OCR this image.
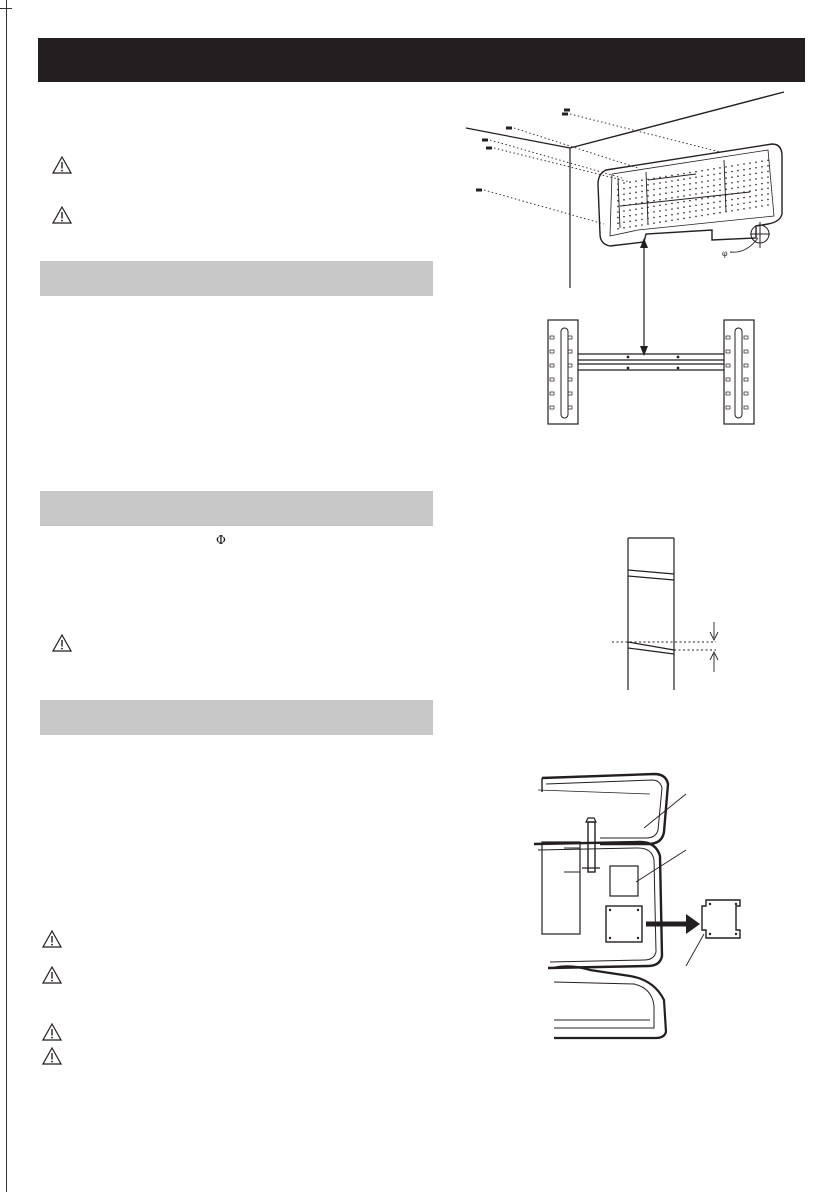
Φ
φ
